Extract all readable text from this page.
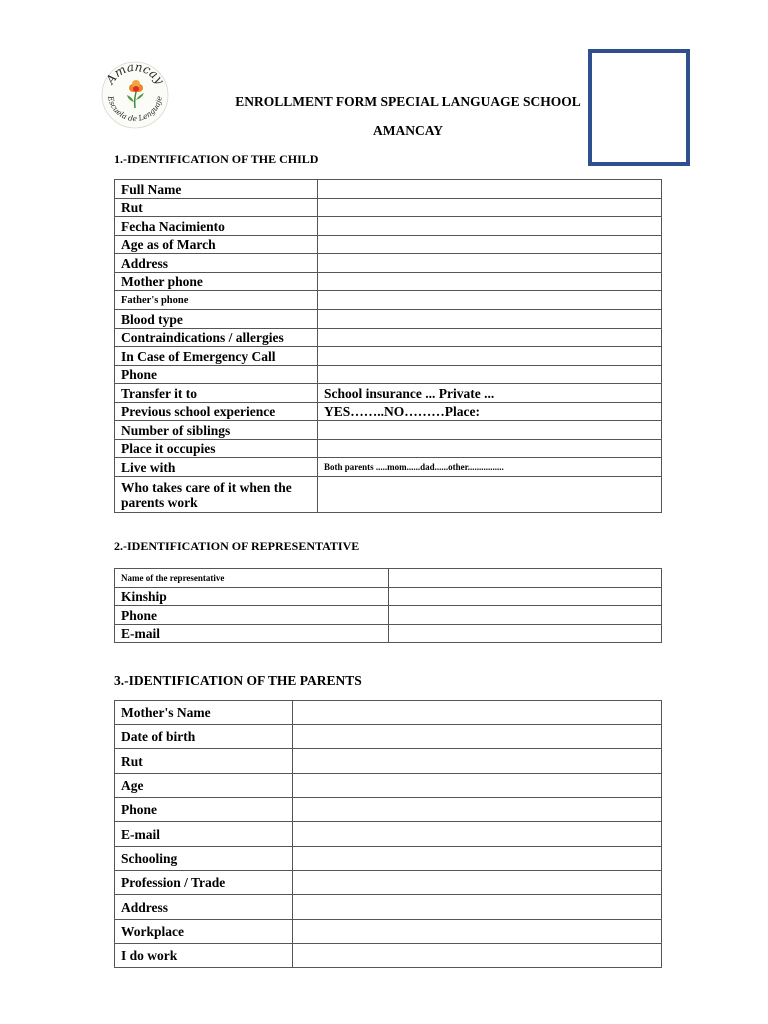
Amancay
Escuela de Lenguaje	ENROLLMENT FORM SPECIAL LANGUAGE SCHOOL
AMANCAY
1.-IDENTIFICATION OF THE CHILD
Full Name	
Rut	
Fecha Nacimiento	
Age as of March	
Address	
Mother phone	
Father's phone	
Blood type	
Contraindications / allergies	
In Case of Emergency Call	
Phone	
Transfer it to	School insurance ... Private ...
Previous school experience	YES……..NO………Place:
Number of siblings	
Place it occupies	
Live with	Both parents .....mom......dad......other................
Who takes care of it when the parents work	
2.-IDENTIFICATION OF REPRESENTATIVE
Name of the representative	
Kinship	
Phone	
E-mail	
3.-IDENTIFICATION OF THE PARENTS
Mother's Name	
Date of birth	
Rut	
Age	
Phone	
E-mail	
Schooling	
Profession / Trade	
Address	
Workplace	
I do work	
